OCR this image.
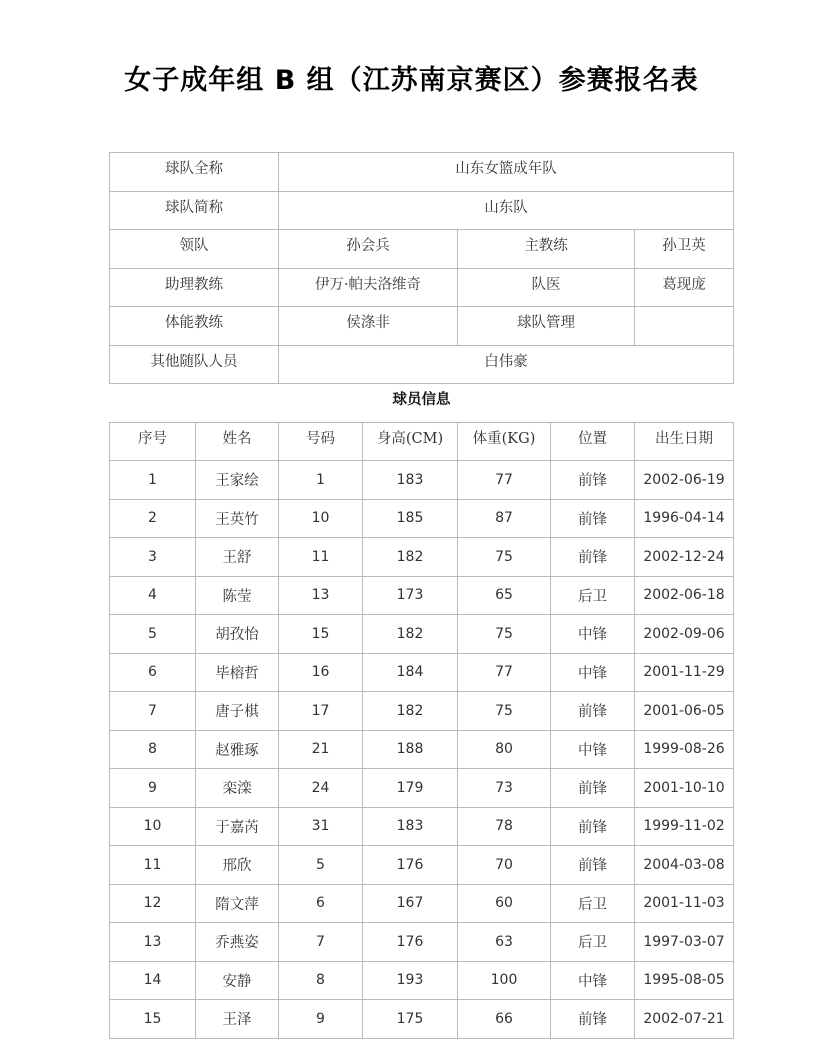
女子成年组 B 组（江苏南京赛区）参赛报名表
球队全称		山东女篮成年队				
球队简称		山东队				
领队		孙会兵		主教练		孙卫英
助理教练		伊万·帕夫洛维奇		队医		葛现庞
体能教练		侯涤非		球队管理		
其他随队人员		白伟豪				
球员信息						
序号	姓名	号码	身高(CM)	体重(KG)	位置	出生日期
1	王家绘	1	183	77	前锋	2002-06-19
2	王英竹	10	185	87	前锋	1996-04-14
3	王舒	11	182	75	前锋	2002-12-24
4	陈莹	13	173	65	后卫	2002-06-18
5	胡孜怡	15	182	75	中锋	2002-09-06
6	毕榕哲	16	184	77	中锋	2001-11-29
7	唐子棋	17	182	75	前锋	2001-06-05
8	赵雅琢	21	188	80	中锋	1999-08-26
9	栾滦	24	179	73	前锋	2001-10-10
10	于嘉芮	31	183	78	前锋	1999-11-02
11	邢欣	5	176	70	前锋	2004-03-08
12	隋文萍	6	167	60	后卫	2001-11-03
13	乔燕姿	7	176	63	后卫	1997-03-07
14	安静	8	193	100	中锋	1995-08-05
15	王泽	9	175	66	前锋	2002-07-21
